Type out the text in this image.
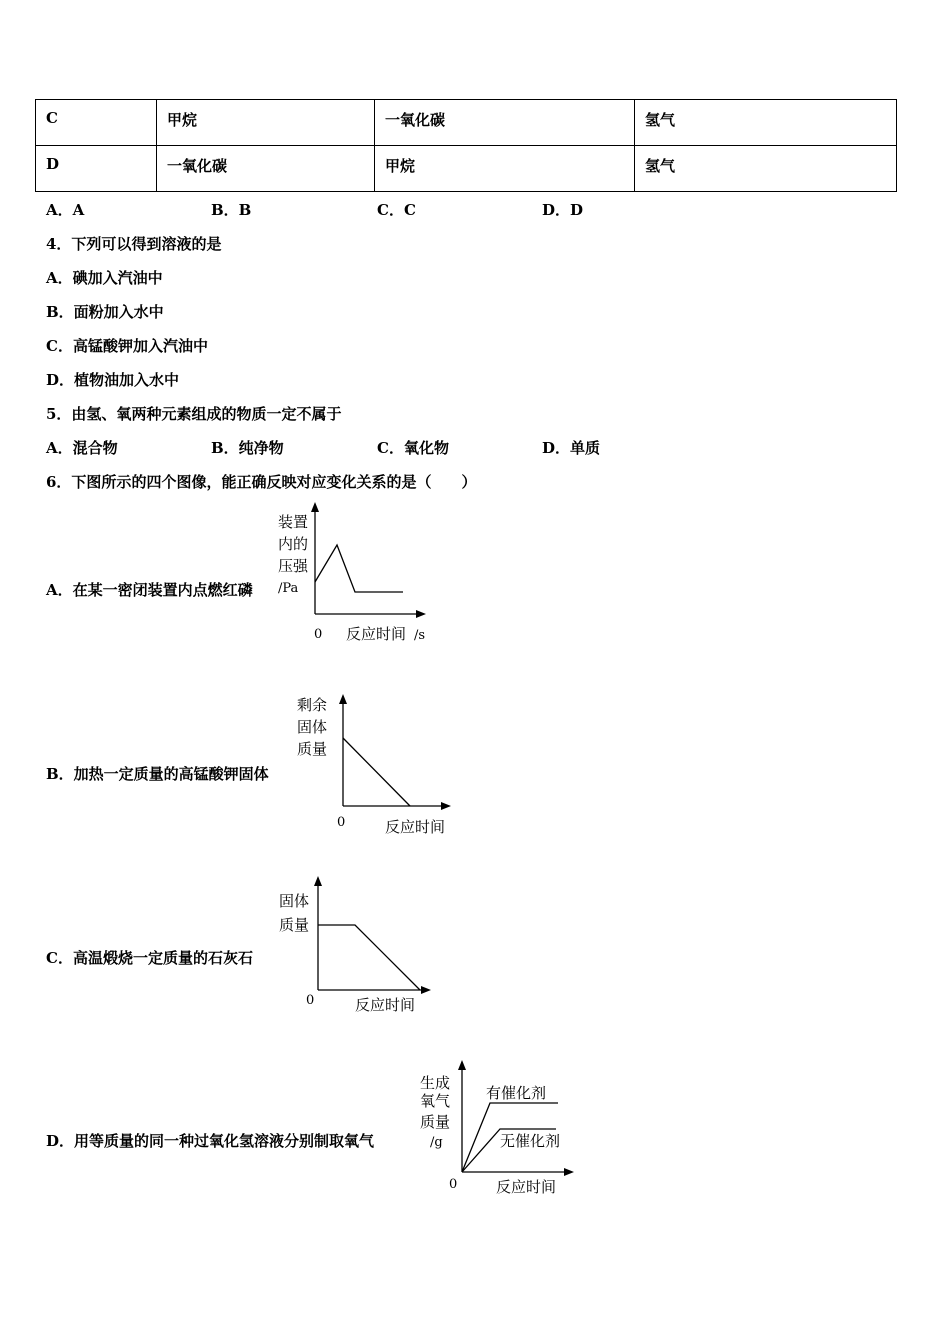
C	甲烷	一氧化碳	氢气
D	一氧化碳	甲烷	氢气
A．A	B．B	C．C	D．D
4．下列可以得到溶液的是
A．碘加入汽油中
B．面粉加入水中
C．高锰酸钾加入汽油中
D．植物油加入水中
5．由氢、氧两种元素组成的物质一定不属于
A．混合物	B．纯净物	C．氧化物	D．单质
6．下图所示的四个图像，能正确反映对应变化关系的是（　　）
A．在某一密闭装置内点燃红磷
装置
内的
压强
/Pa
0 反应时间 /s
B．加热一定质量的高锰酸钾固体
剩余
固体
质量
0	反应时间
C．高温煅烧一定质量的石灰石
固体
质量
0	反应时间
D．用等质量的同一种过氧化氢溶液分别制取氧气
生成
氧气
质量
/g
有催化剂
无催化剂
0	反应时间
